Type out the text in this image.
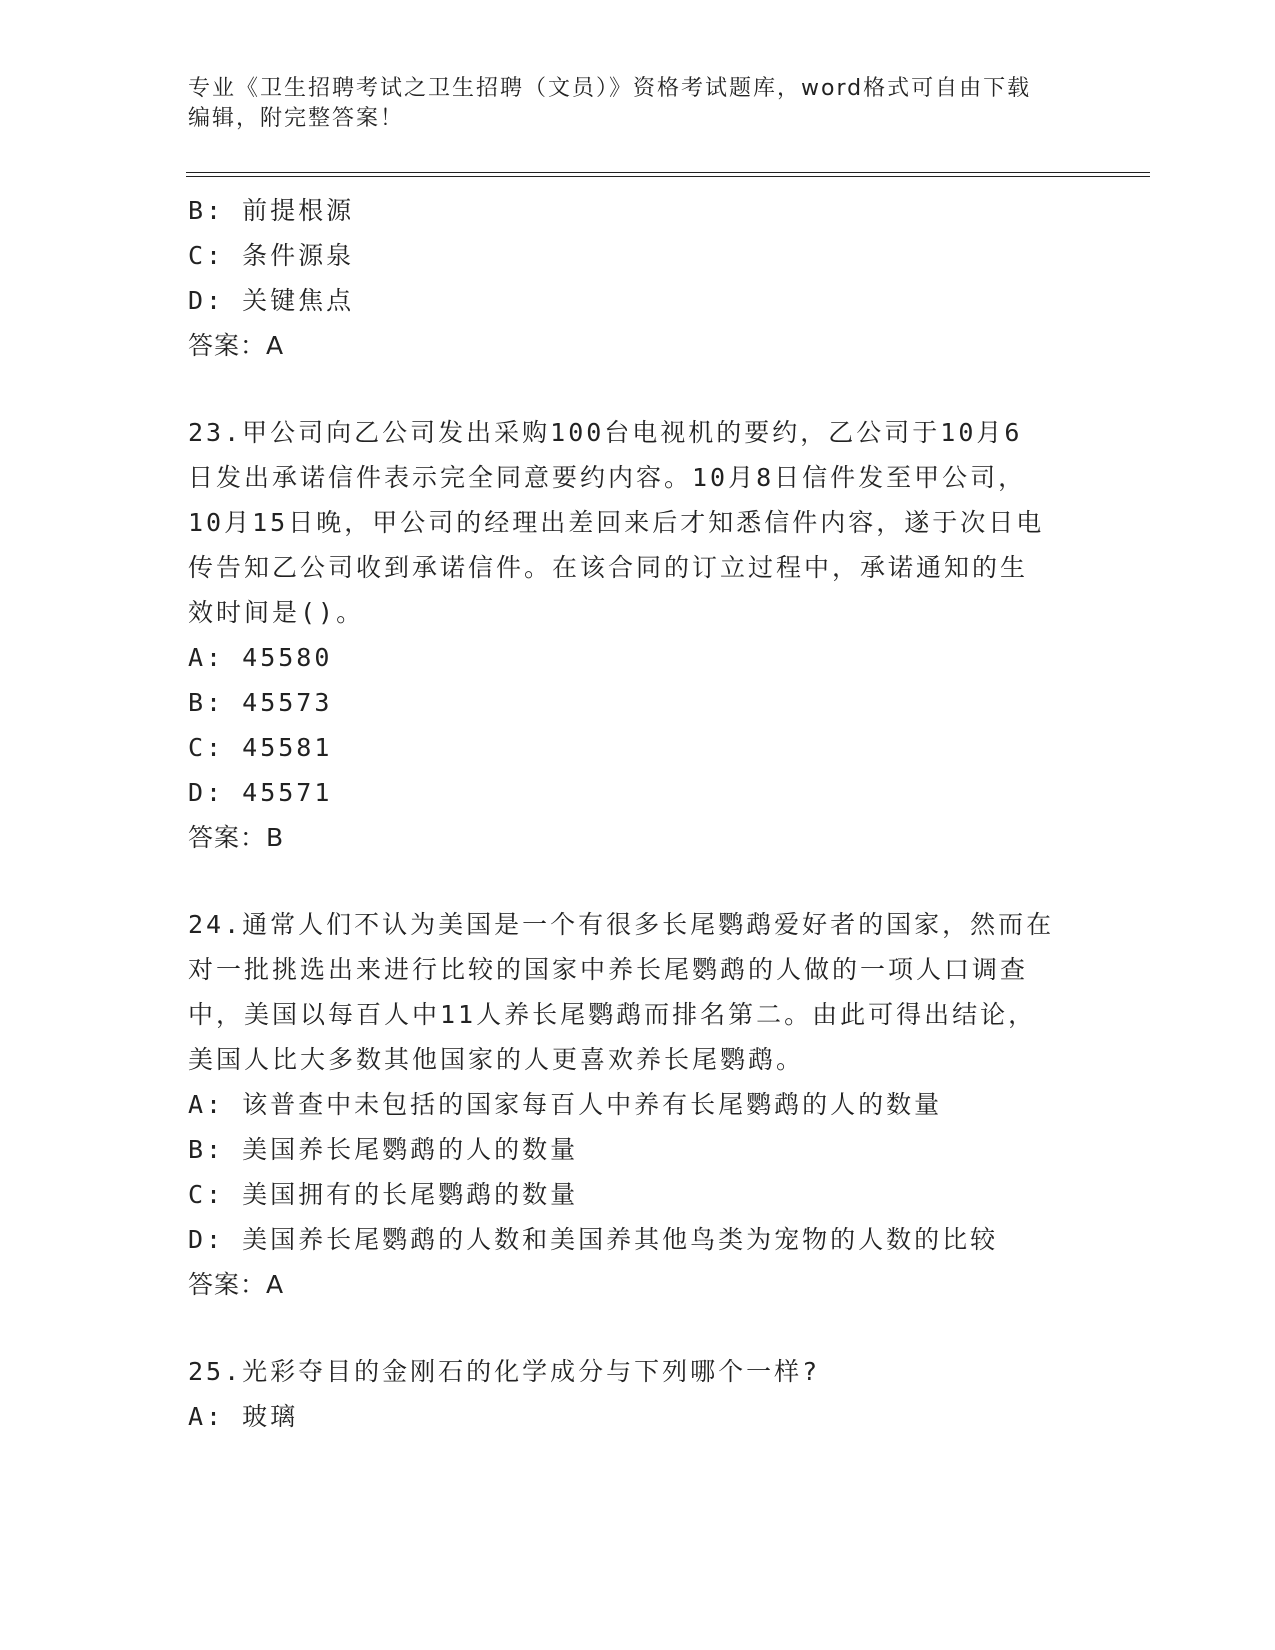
专业《卫生招聘考试之卫生招聘（文员）》资格考试题库，word格式可自由下载
编辑，附完整答案！
B: 前提根源
C: 条件源泉
D: 关键焦点
答案：A
23.甲公司向乙公司发出采购100台电视机的要约，乙公司于10月6
日发出承诺信件表示完全同意要约内容。10月8日信件发至甲公司，
10月15日晚，甲公司的经理出差回来后才知悉信件内容，遂于次日电
传告知乙公司收到承诺信件。在该合同的订立过程中，承诺通知的生
效时间是()。
A: 45580
B: 45573
C: 45581
D: 45571
答案：B
24.通常人们不认为美国是一个有很多长尾鹦鹉爱好者的国家，然而在
对一批挑选出来进行比较的国家中养长尾鹦鹉的人做的一项人口调查
中，美国以每百人中11人养长尾鹦鹉而排名第二。由此可得出结论，
美国人比大多数其他国家的人更喜欢养长尾鹦鹉。
A: 该普查中未包括的国家每百人中养有长尾鹦鹉的人的数量
B: 美国养长尾鹦鹉的人的数量
C: 美国拥有的长尾鹦鹉的数量
D: 美国养长尾鹦鹉的人数和美国养其他鸟类为宠物的人数的比较
答案：A
25.光彩夺目的金刚石的化学成分与下列哪个一样?
A: 玻璃
